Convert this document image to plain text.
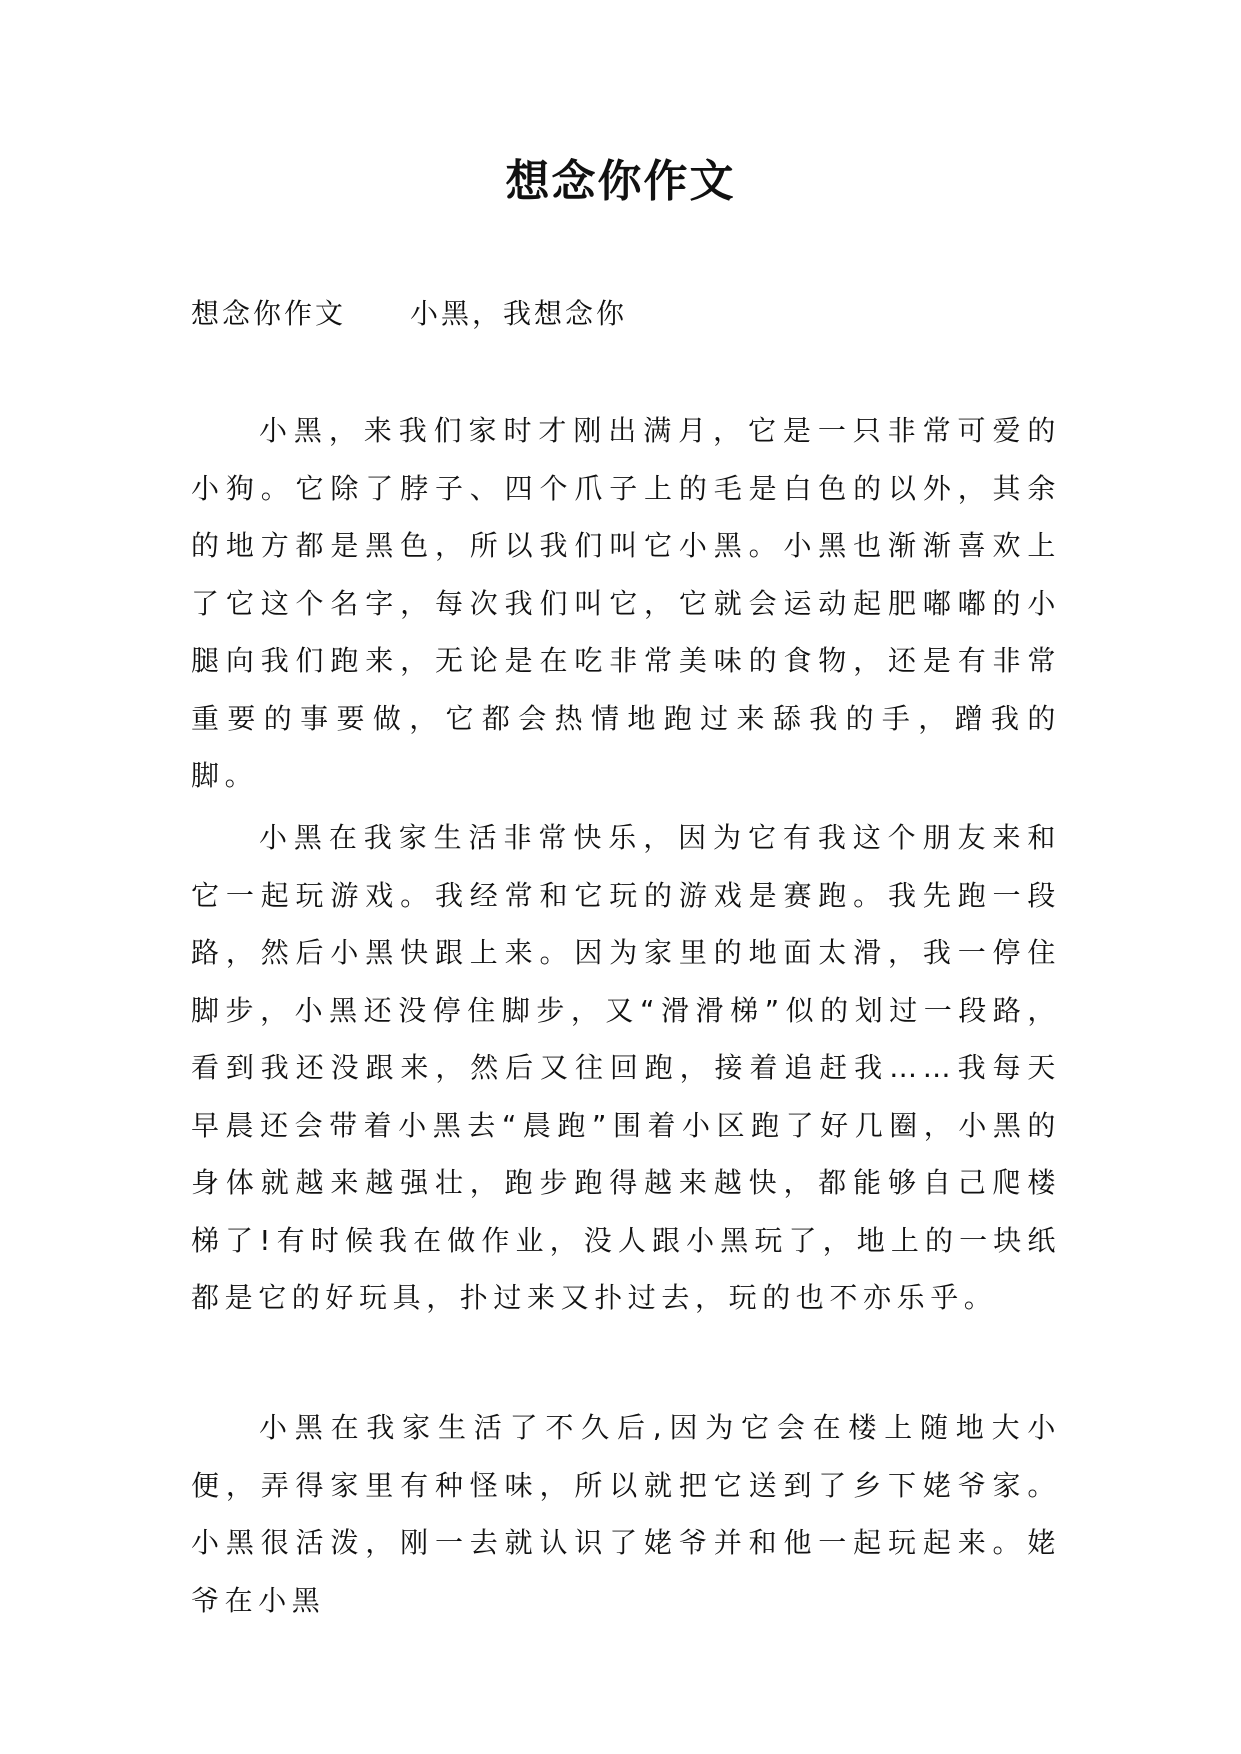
想念你作文

想念你作文 小黑，我想念你

小黑，来我们家时才刚出满月，它是一只非常可爱的小狗。它除了脖子、四个爪子上的毛是白色的以外，其余的地方都是黑色，所以我们叫它小黑。小黑也渐渐喜欢上了它这个名字，每次我们叫它，它就会运动起肥嘟嘟的小腿向我们跑来，无论是在吃非常美味的食物，还是有非常重要的事要做，它都会热情地跑过来舔我的手，蹭我的脚。

小黑在我家生活非常快乐，因为它有我这个朋友来和它一起玩游戏。我经常和它玩的游戏是赛跑。我先跑一段路，然后小黑快跟上来。因为家里的地面太滑，我一停住脚步，小黑还没停住脚步，又“滑滑梯”似的划过一段路，看到我还没跟来，然后又往回跑，接着追赶我……我每天早晨还会带着小黑去“晨跑”围着小区跑了好几圈，小黑的身体就越来越强壮，跑步跑得越来越快，都能够自己爬楼梯了!有时候我在做作业，没人跟小黑玩了，地上的一块纸都是它的好玩具，扑过来又扑过去，玩的也不亦乐乎。

小黑在我家生活了不久后,因为它会在楼上随地大小便，弄得家里有种怪味，所以就把它送到了乡下姥爷家。小黑很活泼，刚一去就认识了姥爷并和他一起玩起来。姥爷在小黑
